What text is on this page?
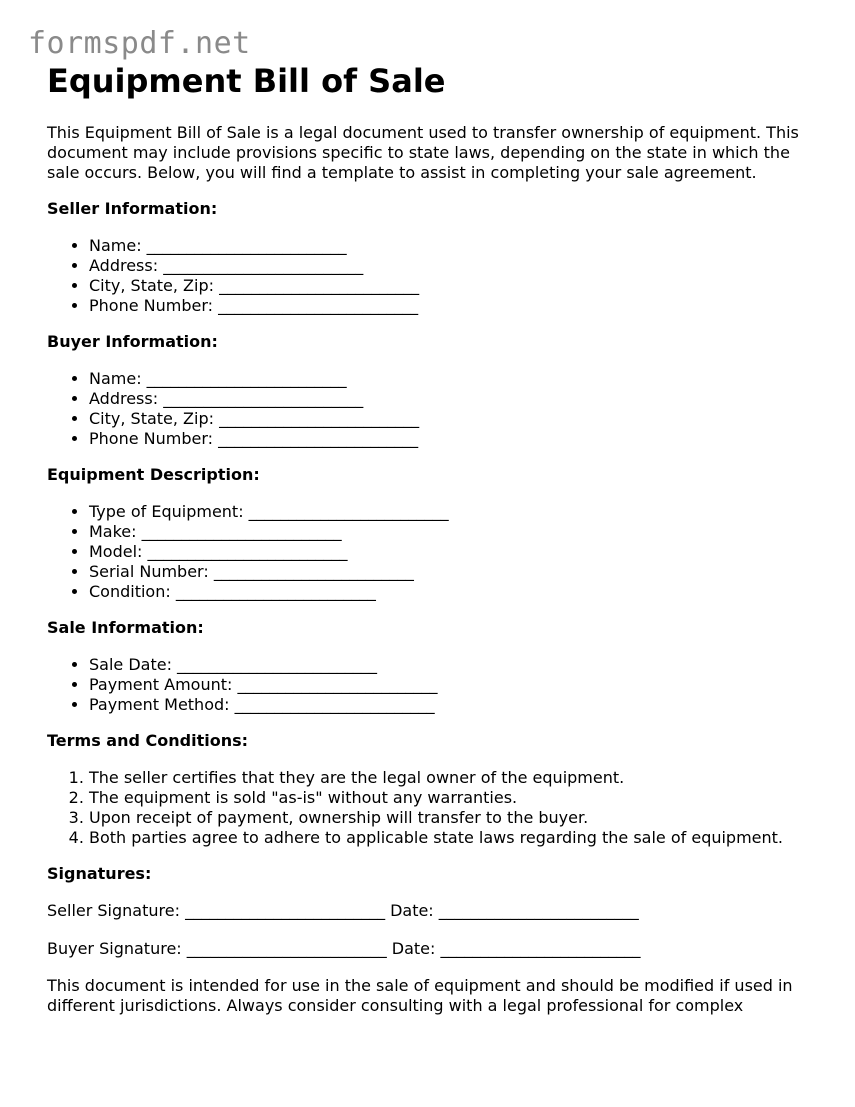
formspdf.net
Equipment Bill of Sale

This Equipment Bill of Sale is a legal document used to transfer ownership of equipment. This document may include provisions specific to state laws, depending on the state in which the sale occurs. Below, you will find a template to assist in completing your sale agreement.

Seller Information:
• Name: _________________________
• Address: _________________________
• City, State, Zip: _________________________
• Phone Number: _________________________
Buyer Information:
• Name: _________________________
• Address: _________________________
• City, State, Zip: _________________________
• Phone Number: _________________________
Equipment Description:
• Type of Equipment: _________________________
• Make: _________________________
• Model: _________________________
• Serial Number: _________________________
• Condition: _________________________
Sale Information:
• Sale Date: _________________________
• Payment Amount: _________________________
• Payment Method: _________________________
Terms and Conditions:
1. The seller certifies that they are the legal owner of the equipment.
2. The equipment is sold "as-is" without any warranties.
3. Upon receipt of payment, ownership will transfer to the buyer.
4. Both parties agree to adhere to applicable state laws regarding the sale of equipment.
Signatures:

Seller Signature: _________________________ Date: _________________________

Buyer Signature: _________________________ Date: _________________________

This document is intended for use in the sale of equipment and should be modified if used in different jurisdictions. Always consider consulting with a legal professional for complex
